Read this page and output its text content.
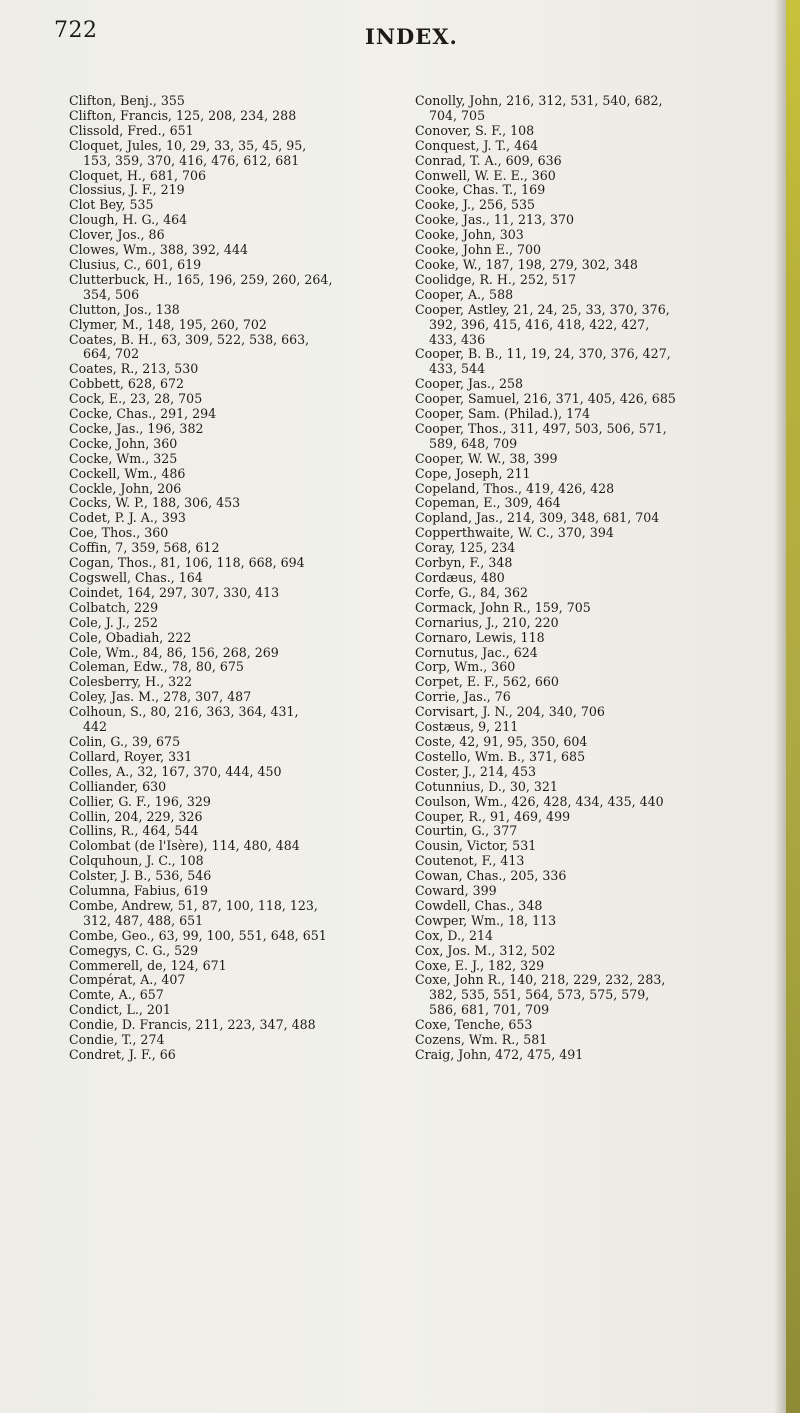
722	INDEX.
Clifton, Benj., 355
Clifton, Francis, 125, 208, 234, 288
Clissold, Fred., 651
Cloquet, Jules, 10, 29, 33, 35, 45, 95,
153, 359, 370, 416, 476, 612, 681
Cloquet, H., 681, 706
Clossius, J. F., 219
Clot Bey, 535
Clough, H. G., 464
Clover, Jos., 86
Clowes, Wm., 388, 392, 444
Clusius, C., 601, 619
Clutterbuck, H., 165, 196, 259, 260, 264,
354, 506
Clutton, Jos., 138
Clymer, M., 148, 195, 260, 702
Coates, B. H., 63, 309, 522, 538, 663,
664, 702
Coates, R., 213, 530
Cobbett, 628, 672
Cock, E., 23, 28, 705
Cocke, Chas., 291, 294
Cocke, Jas., 196, 382
Cocke, John, 360
Cocke, Wm., 325
Cockell, Wm., 486
Cockle, John, 206
Cocks, W. P., 188, 306, 453
Codet, P. J. A., 393
Coe, Thos., 360
Coffin, 7, 359, 568, 612
Cogan, Thos., 81, 106, 118, 668, 694
Cogswell, Chas., 164
Coindet, 164, 297, 307, 330, 413
Colbatch, 229
Cole, J. J., 252
Cole, Obadiah, 222
Cole, Wm., 84, 86, 156, 268, 269
Coleman, Edw., 78, 80, 675
Colesberry, H., 322
Coley, Jas. M., 278, 307, 487
Colhoun, S., 80, 216, 363, 364, 431,
442
Colin, G., 39, 675
Collard, Royer, 331
Colles, A., 32, 167, 370, 444, 450
Colliander, 630
Collier, G. F., 196, 329
Collin, 204, 229, 326
Collins, R., 464, 544
Colombat (de l'Isère), 114, 480, 484
Colquhoun, J. C., 108
Colster, J. B., 536, 546
Columna, Fabius, 619
Combe, Andrew, 51, 87, 100, 118, 123,
312, 487, 488, 651
Combe, Geo., 63, 99, 100, 551, 648, 651
Comegys, C. G., 529
Commerell, de, 124, 671
Compérat, A., 407
Comte, A., 657
Condict, L., 201
Condie, D. Francis, 211, 223, 347, 488
Condie, T., 274
Condret, J. F., 66
Conolly, John, 216, 312, 531, 540, 682,
704, 705
Conover, S. F., 108
Conquest, J. T., 464
Conrad, T. A., 609, 636
Conwell, W. E. E., 360
Cooke, Chas. T., 169
Cooke, J., 256, 535
Cooke, Jas., 11, 213, 370
Cooke, John, 303
Cooke, John E., 700
Cooke, W., 187, 198, 279, 302, 348
Coolidge, R. H., 252, 517
Cooper, A., 588
Cooper, Astley, 21, 24, 25, 33, 370, 376,
392, 396, 415, 416, 418, 422, 427,
433, 436
Cooper, B. B., 11, 19, 24, 370, 376, 427,
433, 544
Cooper, Jas., 258
Cooper, Samuel, 216, 371, 405, 426, 685
Cooper, Sam. (Philad.), 174
Cooper, Thos., 311, 497, 503, 506, 571,
589, 648, 709
Cooper, W. W., 38, 399
Cope, Joseph, 211
Copeland, Thos., 419, 426, 428
Copeman, E., 309, 464
Copland, Jas., 214, 309, 348, 681, 704
Copperthwaite, W. C., 370, 394
Coray, 125, 234
Corbyn, F., 348
Cordæus, 480
Corfe, G., 84, 362
Cormack, John R., 159, 705
Cornarius, J., 210, 220
Cornaro, Lewis, 118
Cornutus, Jac., 624
Corp, Wm., 360
Corpet, E. F., 562, 660
Corrie, Jas., 76
Corvisart, J. N., 204, 340, 706
Costæus, 9, 211
Coste, 42, 91, 95, 350, 604
Costello, Wm. B., 371, 685
Coster, J., 214, 453
Cotunnius, D., 30, 321
Coulson, Wm., 426, 428, 434, 435, 440
Couper, R., 91, 469, 499
Courtin, G., 377
Cousin, Victor, 531
Coutenot, F., 413
Cowan, Chas., 205, 336
Coward, 399
Cowdell, Chas., 348
Cowper, Wm., 18, 113
Cox, D., 214
Cox, Jos. M., 312, 502
Coxe, E. J., 182, 329
Coxe, John R., 140, 218, 229, 232, 283,
382, 535, 551, 564, 573, 575, 579,
586, 681, 701, 709
Coxe, Tenche, 653
Cozens, Wm. R., 581
Craig, John, 472, 475, 491
